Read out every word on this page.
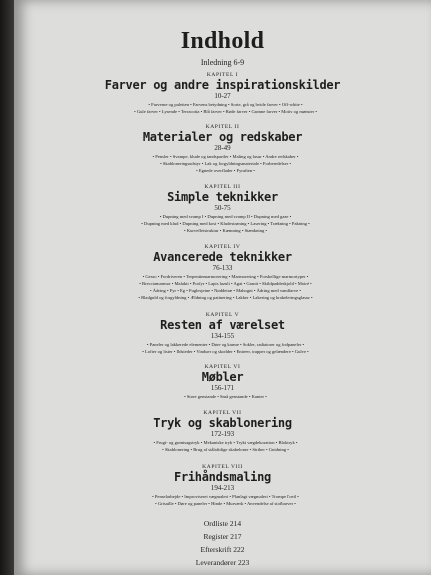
Indhold
Inledning 6-9
KAPITEL I
Farver og andre inspirationskilder
10-27
• Farverne og paletten • Farvens betydning • Sorte, grå og hvide farver • Off-white •
• Gule farver • Lysende • Terracotta • Blå farver • Røde farver • Grønne farver • Motiv og mønster •
KAPITEL II
Materialer og redskaber
28-49
• Pensler • Svampe, klude og tandspartler • Maling og lasur • Andre redskaber •
• Skabloneringsudstyr • Lak og forgyldningsmateriale • Forberedelser •
• Egnede overflader • Fyraften •
KAPITEL III
Simple teknikker
50-75
• Dupning med svamp I • Dupning med svamp II • Dupning med gaze •
• Dupning med klud • Dupning med kost • Kludestrøning • Lasering • Trækning • Pakning •
• Kurvefletstruktur • Kæmning • Stænkning •
KAPITEL IV
Avancerede teknikker
76-133
• Gesso • Fordriveren • Terpentinmarmorering • Marmorering • Forskellige marmortyper •
• Brecciamarmor • Malakit • Porfyr • Lapis lazuli • Agat • Granit • Skildpaddeskjold • Moiré •
• Ådring • Fyr • Eg • Fuglesjetne • Nøddetræ • Mahogni • Ådring med vandfarve •
• Bladguld og forgyldning • Ældning og patinering • Lakker • Lakering og krakeleringsglasur •
KAPITEL V
Resten af værelset
134-155
• Paneler og lakkerede elementer • Døre og karme • Sokler, radiatorer og fodpaneler •
• Lofter og lister • Ildsteder • Vinduer og skodder • Entreer, trapper og gelændere • Gulve •
KAPITEL VI
Møbler
156-171
• Store genstande • Små genstande • Kanter •
KAPITEL VII
Tryk og skablonering
172-193
• Frugt- og grøntsagstryk • Mekaniske tryk • Trykt vægdekoration • Bloktryk •
• Skablonering • Brug af stålaftdige skabeloner • Striber • Gnidning •
KAPITEL VIII
Frihåndsmaling
194-213
• Penselarbejde • Improviseret vægmaleri • Planlagt vægmaleri • Trompe l'oeil •
• Grisaille • Døre og paneler • Hinde • Murværk • Anvendelse af stofbarver •
Ordliste 214
Register 217
Efterskrift 222
Leverandører 223
